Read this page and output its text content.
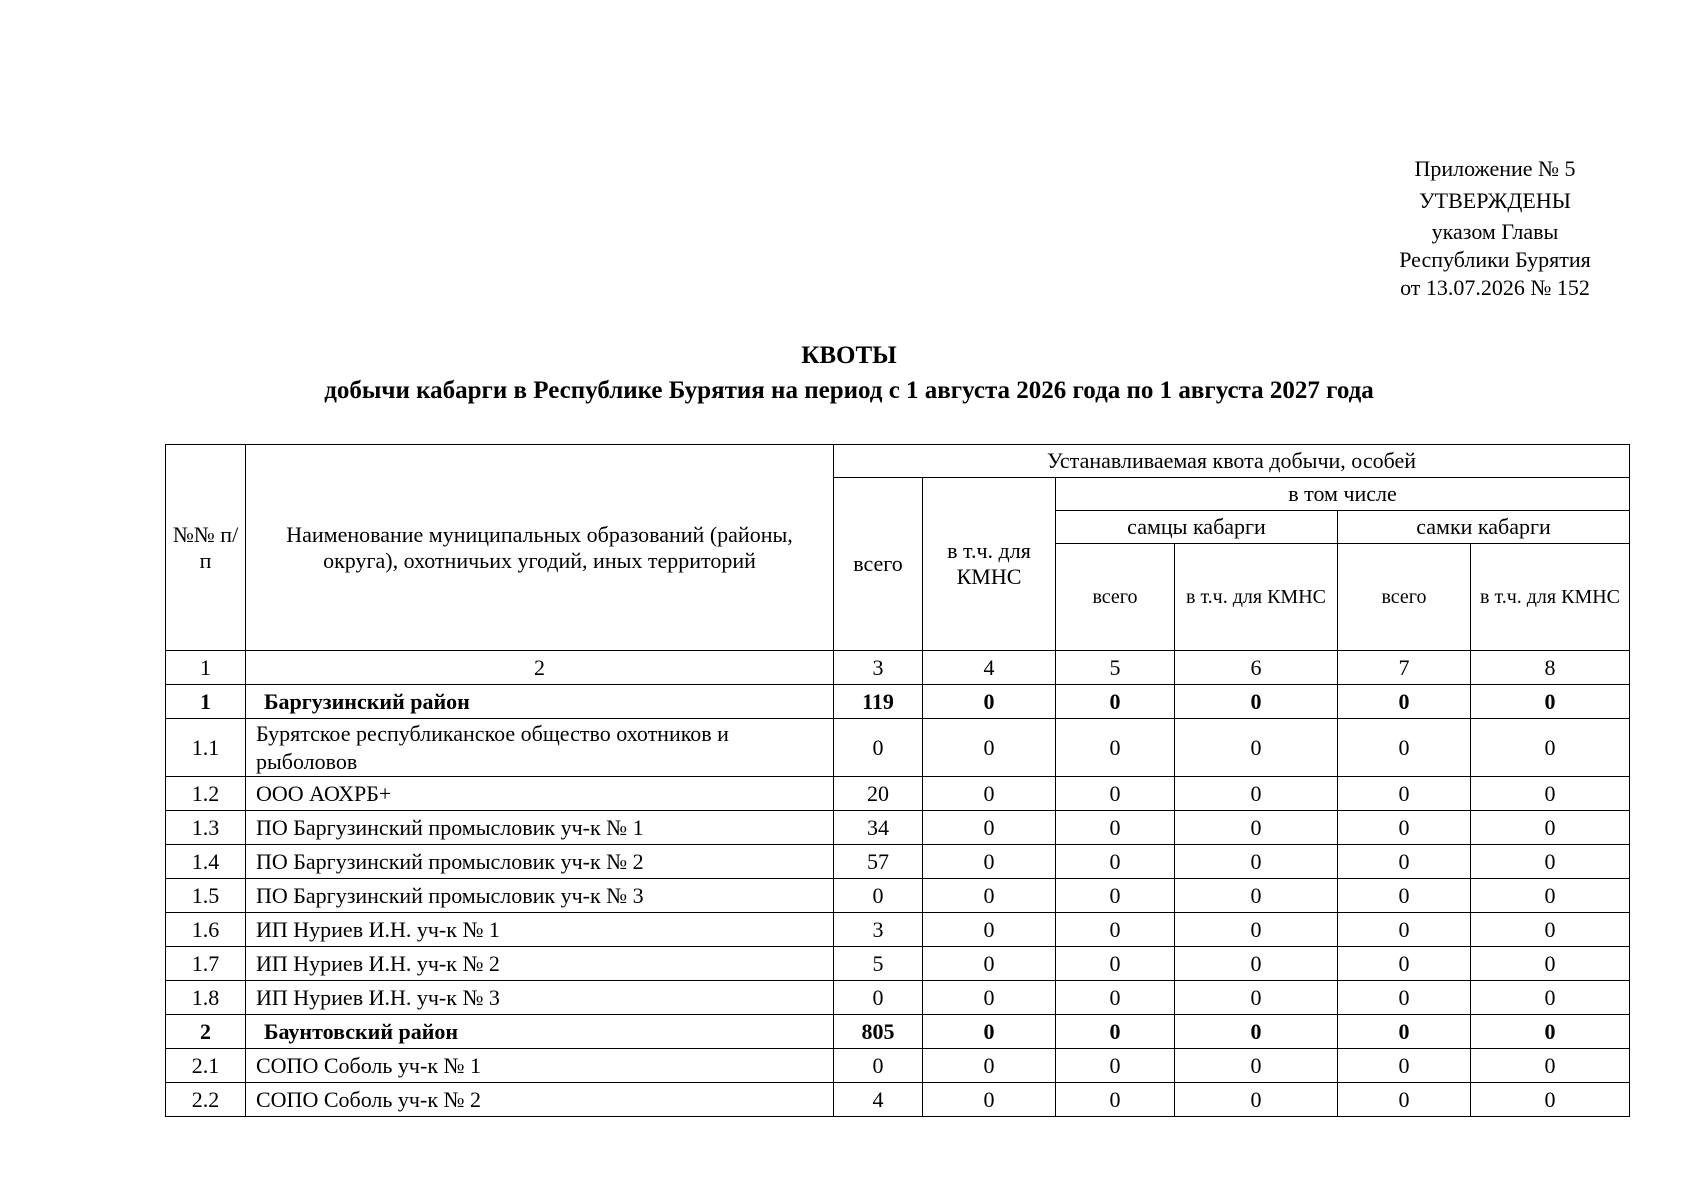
Приложение № 5
УТВЕРЖДЕНЫ
указом Главы
Республики Бурятия
от 13.07.2026 № 152
КВОТЫ
добычи кабарги в Республике Бурятия на период с 1 августа 2026 года по 1 августа 2027 года
№№ п/п	Наименование муниципальных образований (районы, округа), охотничьих угодий, иных территорий	Устанавливаемая квота добычи, особей					
		всего	в т.ч. для КМНС	в том числе			
				самцы кабарги		самки кабарги	
				всего	в т.ч. для КМНС	всего	в т.ч. для КМНС
1	2	3	4	5	6	7	8
1	Баргузинский район	119	0	0	0	0	0
1.1	Бурятское республиканское общество охотников и рыболовов	0	0	0	0	0	0
1.2	ООО АОХРБ+	20	0	0	0	0	0
1.3	ПО Баргузинский промысловик уч-к № 1	34	0	0	0	0	0
1.4	ПО Баргузинский промысловик уч-к № 2	57	0	0	0	0	0
1.5	ПО Баргузинский промысловик уч-к № 3	0	0	0	0	0	0
1.6	ИП Нуриев И.Н. уч-к № 1	3	0	0	0	0	0
1.7	ИП Нуриев И.Н. уч-к № 2	5	0	0	0	0	0
1.8	ИП Нуриев И.Н. уч-к № 3	0	0	0	0	0	0
2	Баунтовский район	805	0	0	0	0	0
2.1	СОПО Соболь уч-к № 1	0	0	0	0	0	0
2.2	СОПО Соболь уч-к № 2	4	0	0	0	0	0
